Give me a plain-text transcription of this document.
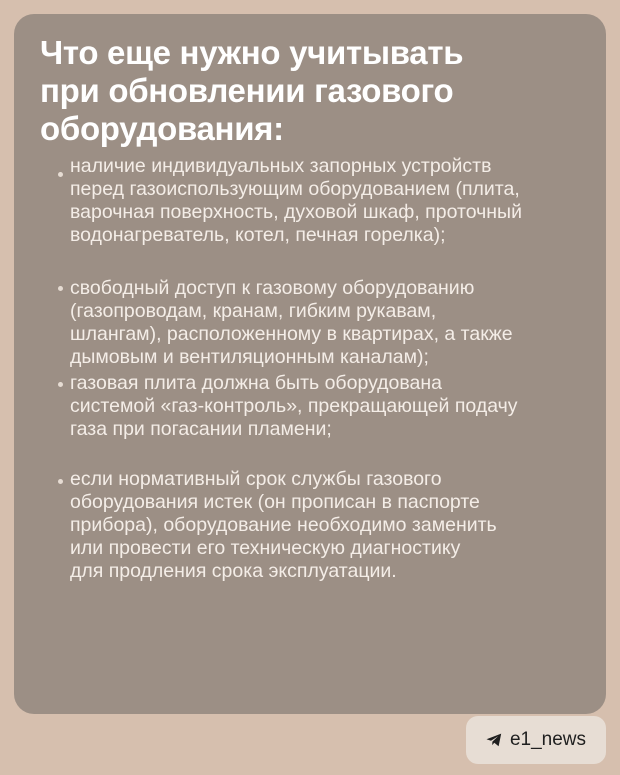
Что еще нужно учитывать
при обновлении газового
оборудования:
наличие индивидуальных запорных устройств
перед газоиспользующим оборудованием (плита,
варочная поверхность, духовой шкаф, проточный
водонагреватель, котел, печная горелка);
свободный доступ к газовому оборудованию
(газопроводам, кранам, гибким рукавам,
шлангам), расположенному в квартирах, а также
дымовым и вентиляционным каналам);
газовая плита должна быть оборудована
системой «газ-контроль», прекращающей подачу
газа при погасании пламени;
если нормативный срок службы газового
оборудования истек (он прописан в паспорте
прибора), оборудование необходимо заменить
или провести его техническую диагностику
для продления срока эксплуатации.
e1_news
